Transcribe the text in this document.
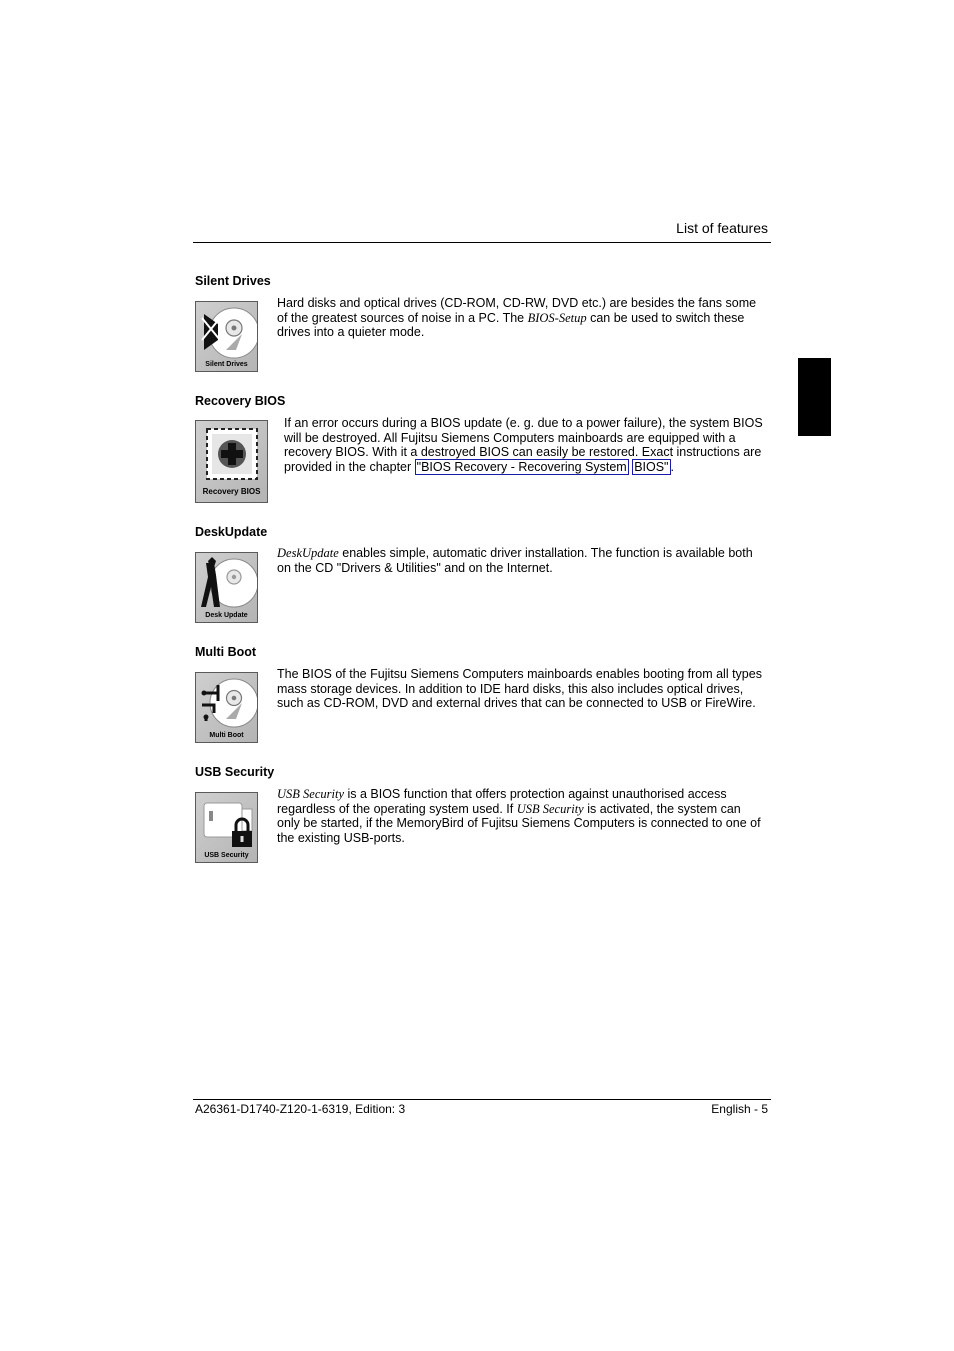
List of features
Silent Drives
Silent Drives
Hard disks and optical drives (CD-ROM, CD-RW, DVD etc.) are besides the fans some of the greatest sources of noise in a PC. The BIOS-Setup can be used to switch these drives into a quieter mode.
Recovery BIOS
Recovery BIOS
If an error occurs during a BIOS update (e. g. due to a power failure), the system BIOS will be destroyed. All Fujitsu Siemens Computers mainboards are equipped with a recovery BIOS. With it a destroyed BIOS can easily be restored. Exact instructions are provided in the chapter "BIOS Recovery - Recovering System BIOS" .
DeskUpdate
Desk Update
DeskUpdate enables simple, automatic driver installation. The function is available both on the CD "Drivers & Utilities" and on the Internet.
Multi Boot
Multi Boot
The BIOS of the Fujitsu Siemens Computers mainboards enables booting from all types mass storage devices. In addition to IDE hard disks, this also includes optical drives, such as CD-ROM, DVD and external drives that can be connected to USB or FireWire.
USB Security
USB Security
USB Security is a BIOS function that offers protection against unauthorised access regardless of the operating system used. If USB Security is activated, the system can only be started, if the MemoryBird of Fujitsu Siemens Computers is connected to one of the existing USB-ports.
A26361-D1740-Z120-1-6319, Edition: 3	English - 5
